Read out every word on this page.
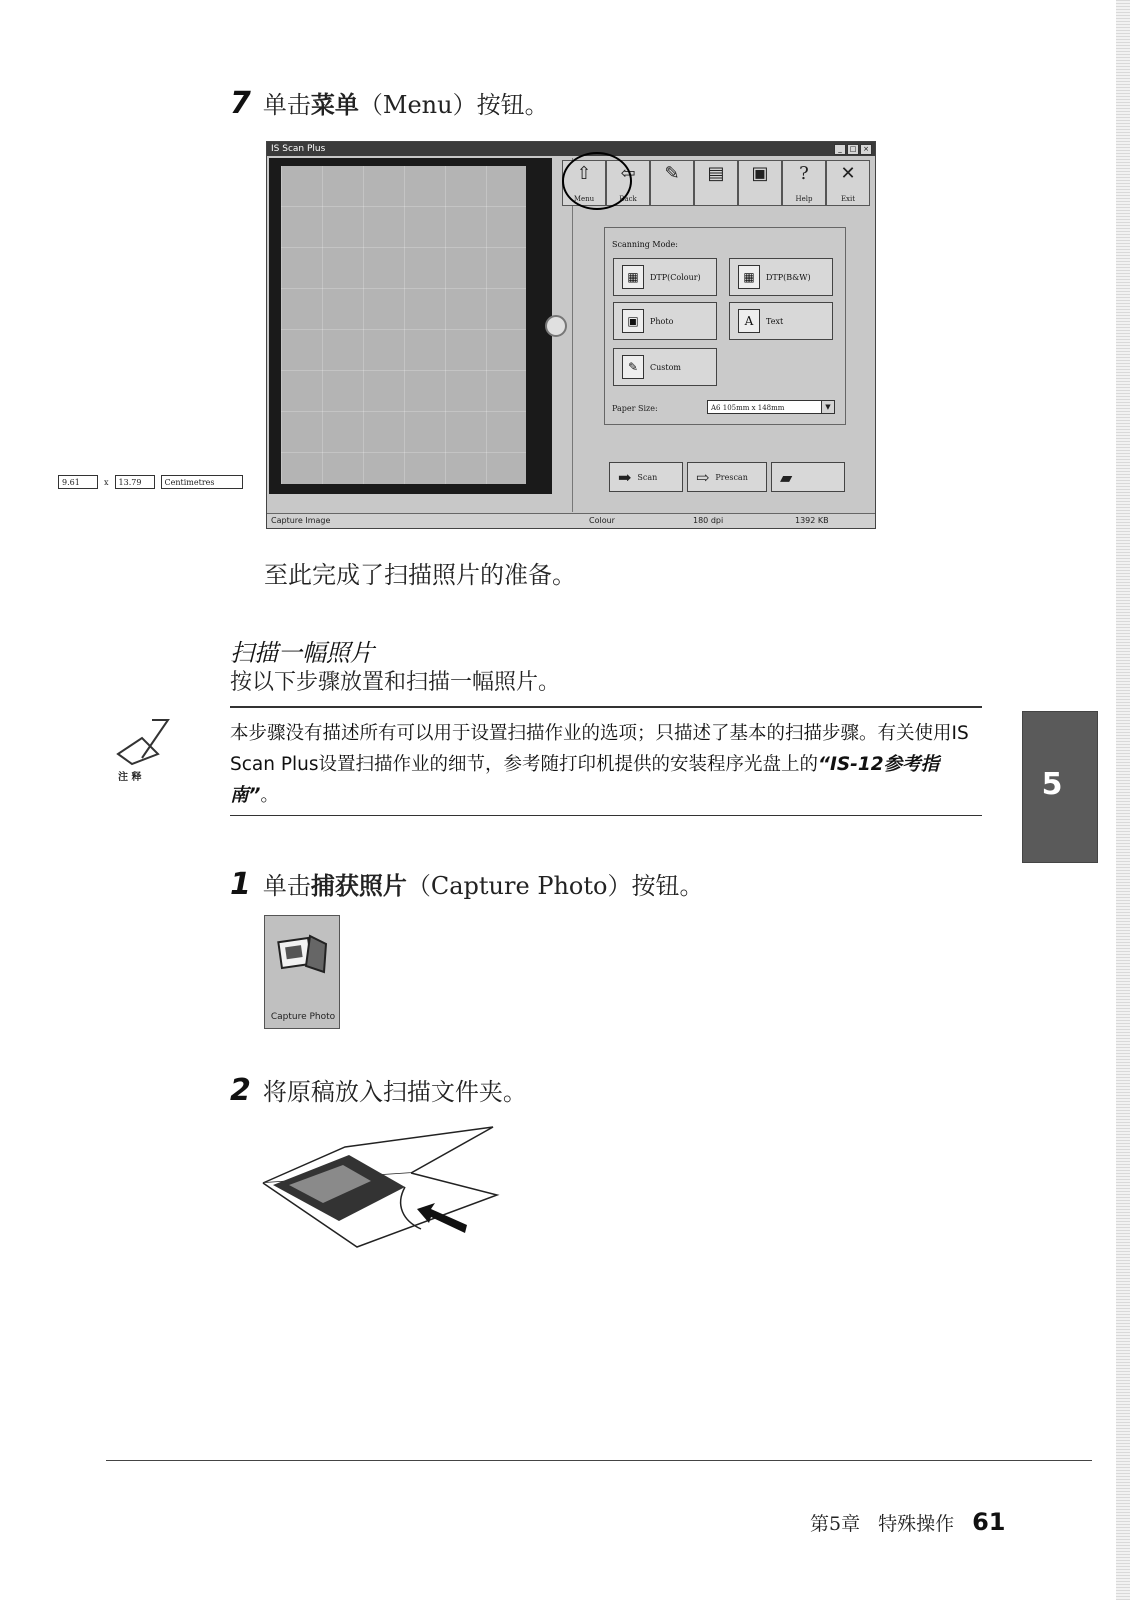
7 单击菜单（Menu）按钮。
IS Scan Plus	_	□ ×
Capture Image	Colour	180 dpi	1392 KB
9.61	x	13.79	Centimetres
⇧
Menu
⇦
Back
✎ ▤ ▣ ?
Help
✕
Exit
Scanning Mode:
▦	DTP(Colour)	▦	DTP(B&W)
▣	Photo	A	Text
✎	Custom
Paper Size:	A6 105mm x 148mm	▼
➡ Scan ⇨ Prescan ▰
至此完成了扫描照片的准备。
扫描一幅照片
按以下步骤放置和扫描一幅照片。
注 释
本步骤没有描述所有可以用于设置扫描作业的选项；只描述了基本的扫描步骤。有关使用IS Scan Plus设置扫描作业的细节，参考随打印机提供的安装程序光盘上的“IS-12参考指南”。	5
1 单击捕获照片（Capture Photo）按钮。
Capture Photo
2 将原稿放入扫描文件夹。
第5章 特殊操作 61
